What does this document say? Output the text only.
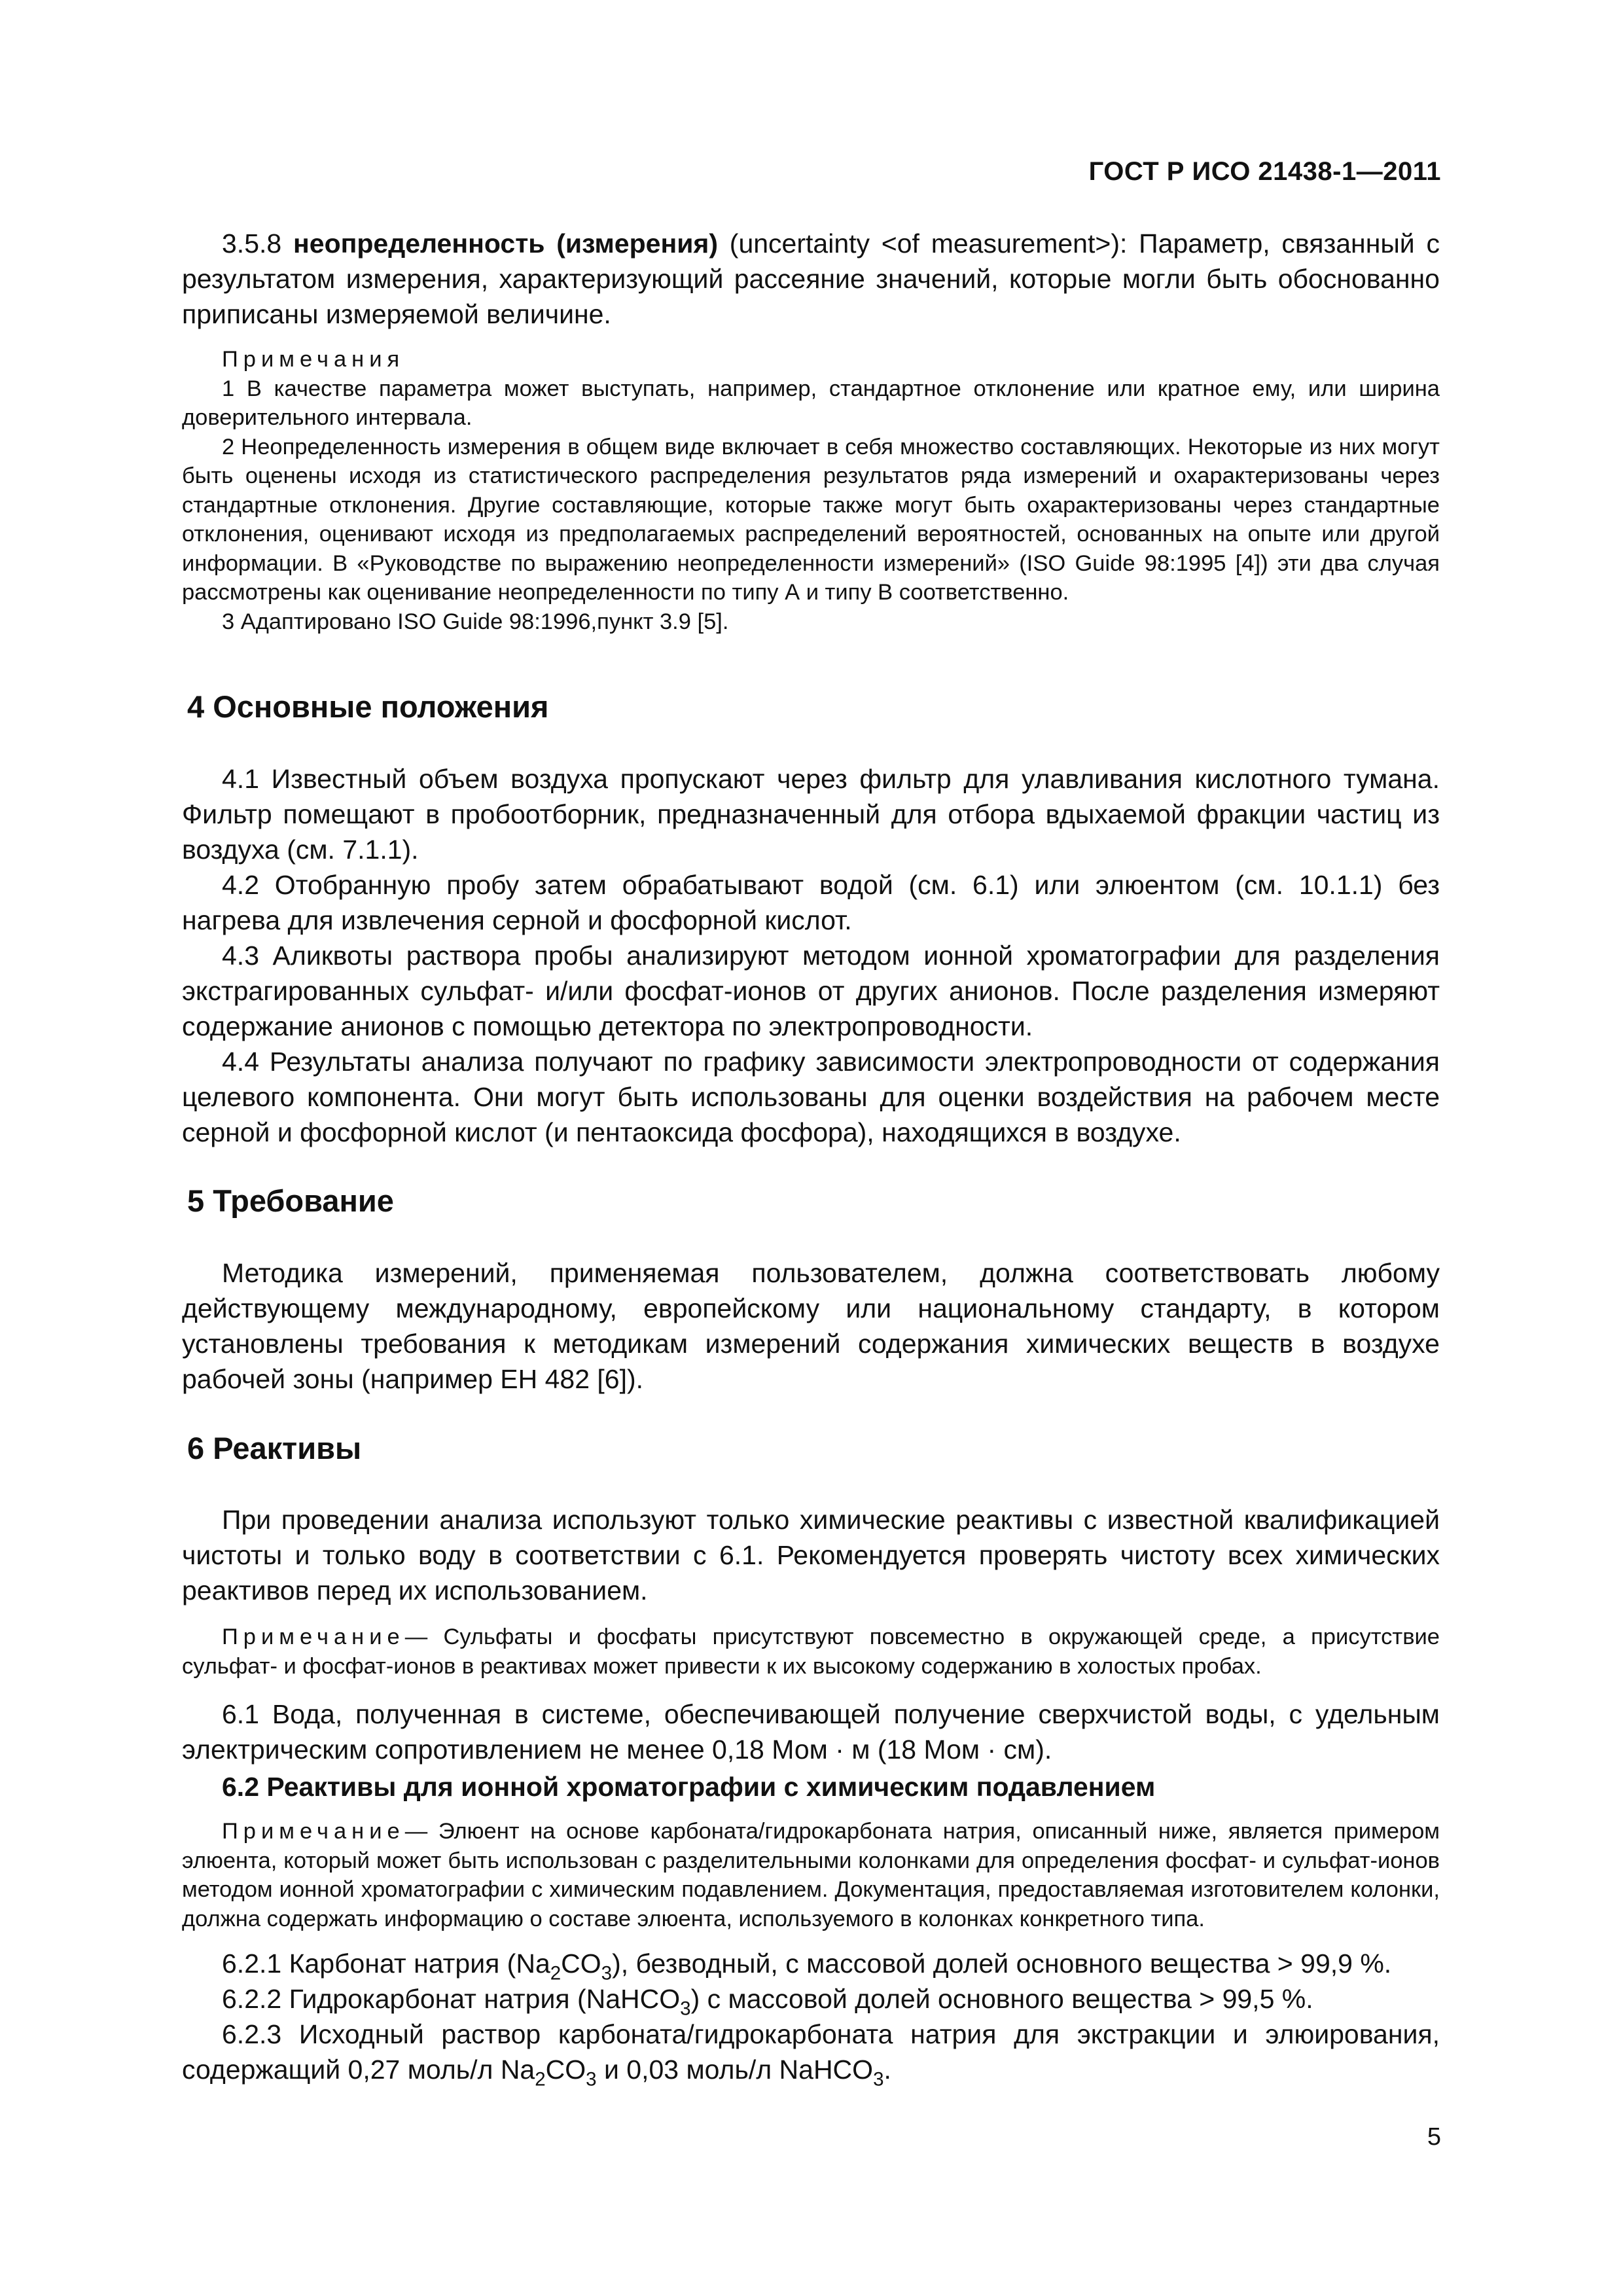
ГОСТ Р ИСО 21438-1—2011

3.5.8 неопределенность (измерения) (uncertainty <of measurement>): Параметр, связанный с результатом измерения, характеризующий рассеяние значений, которые могли быть обоснованно приписаны измеряемой величине.

Примечания

1 В качестве параметра может выступать, например, стандартное отклонение или кратное ему, или ширина доверительного интервала.

2 Неопределенность измерения в общем виде включает в себя множество составляющих. Некоторые из них могут быть оценены исходя из статистического распределения результатов ряда измерений и охарактеризованы через стандартные отклонения. Другие составляющие, которые также могут быть охарактеризованы через стандартные отклонения, оценивают исходя из предполагаемых распределений вероятностей, основанных на опыте или другой информации. В «Руководстве по выражению неопределенности измерений» (ISO Guide 98:1995 [4]) эти два случая рассмотрены как оценивание неопределенности по типу А и типу В соответственно.

3 Адаптировано ISO Guide 98:1996,пункт 3.9 [5].

4 Основные положения

4.1 Известный объем воздуха пропускают через фильтр для улавливания кислотного тумана. Фильтр помещают в пробоотборник, предназначенный для отбора вдыхаемой фракции частиц из воздуха (см. 7.1.1).

4.2 Отобранную пробу затем обрабатывают водой (см. 6.1) или элюентом (см. 10.1.1) без нагрева для извлечения серной и фосфорной кислот.

4.3 Аликвоты раствора пробы анализируют методом ионной хроматографии для разделения экстрагированных сульфат- и/или фосфат-ионов от других анионов. После разделения измеряют содержание анионов с помощью детектора по электропроводности.

4.4 Результаты анализа получают по графику зависимости электропроводности от содержания целевого компонента. Они могут быть использованы для оценки воздействия на рабочем месте серной и фосфорной кислот (и пентаоксида фосфора), находящихся в воздухе.

5 Требование

Методика измерений, применяемая пользователем, должна соответствовать любому действующему международному, европейскому или национальному стандарту, в котором установлены требования к методикам измерений содержания химических веществ в воздухе рабочей зоны (например ЕН 482 [6]).

6 Реактивы

При проведении анализа используют только химические реактивы с известной квалификацией чистоты и только воду в соответствии с 6.1. Рекомендуется проверять чистоту всех химических реактивов перед их использованием.

Примечание— Сульфаты и фосфаты присутствуют повсеместно в окружающей среде, а присутствие сульфат- и фосфат-ионов в реактивах может привести к их высокому содержанию в холостых пробах.

6.1 Вода, полученная в системе, обеспечивающей получение сверхчистой воды, с удельным электрическим сопротивлением не менее 0,18 Мом · м (18 Мом · см).

6.2 Реактивы для ионной хроматографии с химическим подавлением

Примечание— Элюент на основе карбоната/гидрокарбоната натрия, описанный ниже, является примером элюента, который может быть использован с разделительными колонками для определения фосфат- и сульфат-ионов методом ионной хроматографии с химическим подавлением. Документация, предоставляемая изготовителем колонки, должна содержать информацию о составе элюента, используемого в колонках конкретного типа.

6.2.1 Карбонат натрия $(Na_2CO_3)$, безводный, с массовой долей основного вещества > 99,9 %.

6.2.2 Гидрокарбонат натрия (NaHCO$_3$) с массовой долей основного вещества > 99,5 %.

6.2.3 Исходный раствор карбоната/гидрокарбоната натрия для экстракции и элюирования, содержащий 0,27 моль/л $Na_2CO_3$ и 0,03 моль/л NaHCO$_3$.

5
